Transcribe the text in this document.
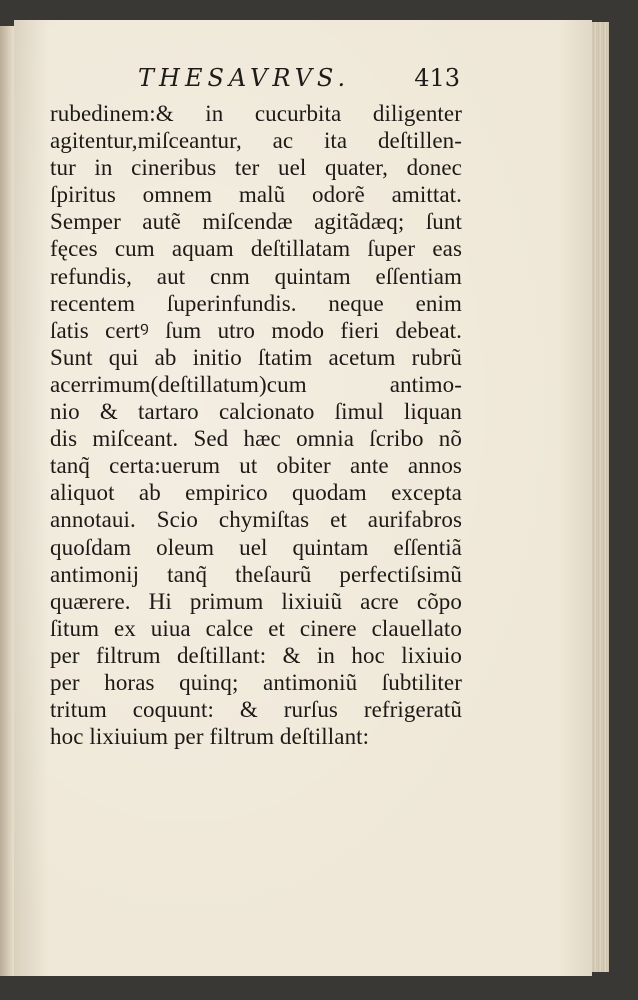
THESAVRVS.	413
rubedinem:& in cucurbita diligenter
agitentur,miſceantur, ac ita deſtillen-
tur in cineribus ter uel quater, donec
ſpiritus omnem malũ odorẽ amittat.
Semper autẽ miſcendæ agitãdæq; ſunt
fęces cum aquam deſtillatam ſuper eas
refundis, aut cnm quintam eſſentiam
recentem ſuperinfundis. neque enim
ſatis certꝰ ſum utro modo fieri debeat.
Sunt qui ab initio ſtatim acetum rubrũ
acerrimum(deſtillatum)cum antimo-
nio & tartaro calcionato ſimul liquan
dis miſceant. Sed hæc omnia ſcribo nõ
tanq̃ certa:uerum ut obiter ante annos
aliquot ab empirico quodam excepta
annotaui. Scio chymiſtas et aurifabros
quoſdam oleum uel quintam eſſentiã
antimonij tanq̃ theſaurũ perfectiſsimũ
quærere. Hi primum lixiuiũ acre cõpo
ſitum ex uiua calce et cinere clauellato
per filtrum deſtillant: & in hoc lixiuio
per horas quinq; antimoniũ ſubtiliter
tritum coquunt: & rurſus refrigeratũ
hoc lixiuium per filtrum deſtillant:
